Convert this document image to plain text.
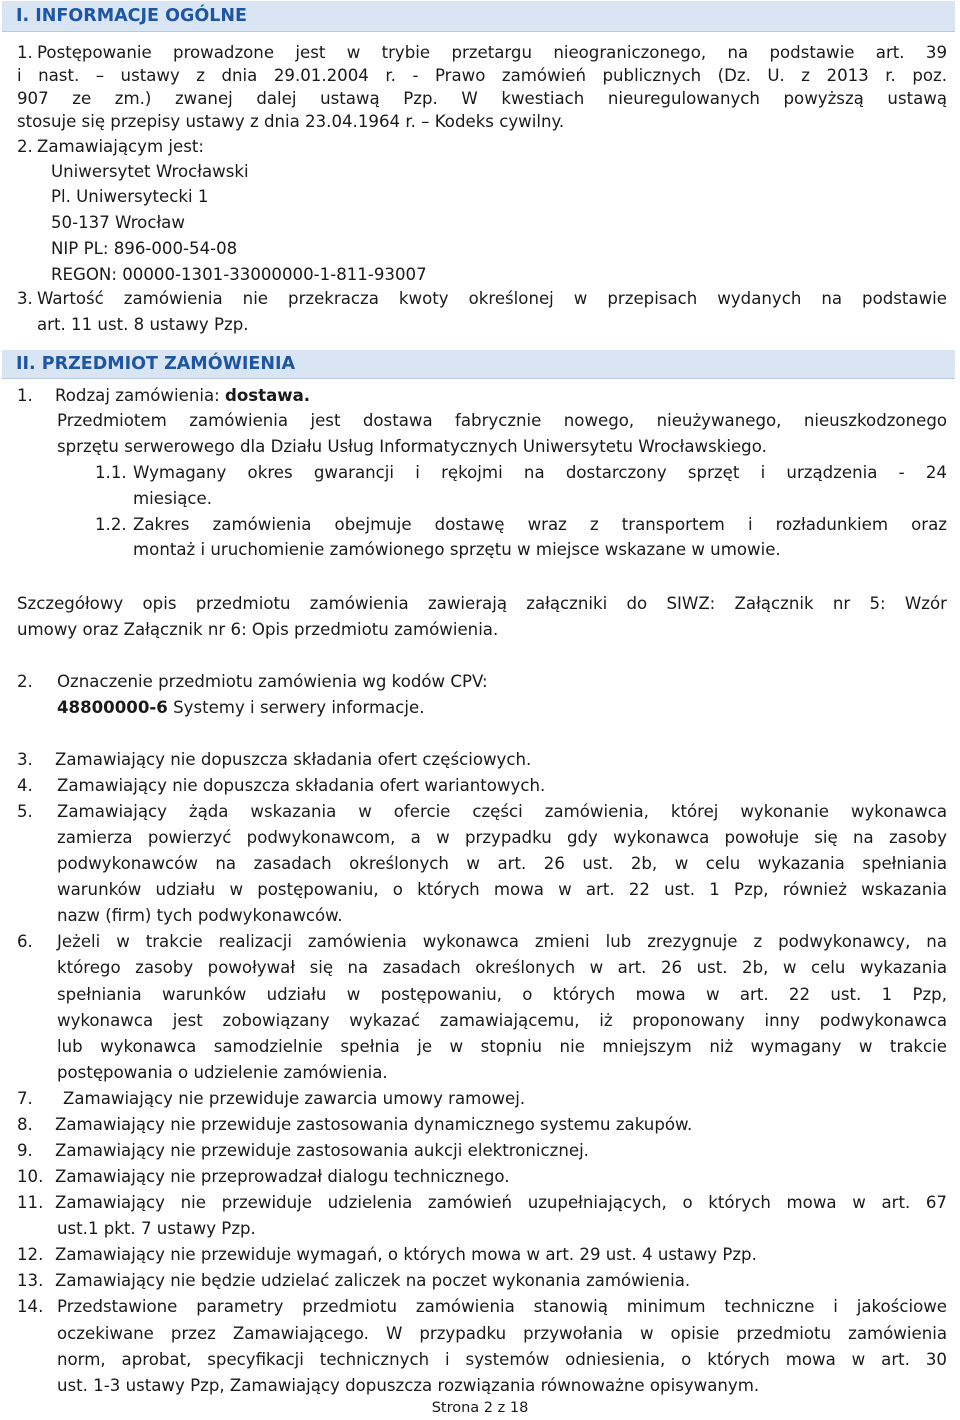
I. INFORMACJE OGÓLNE
1. Postępowanie prowadzone jest w trybie przetargu nieograniczonego, na podstawie art. 39
i nast. – ustawy z dnia 29.01.2004 r. - Prawo zamówień publicznych (Dz. U. z 2013 r. poz.
907 ze zm.) zwanej dalej ustawą Pzp. W kwestiach nieuregulowanych powyższą ustawą
stosuje się przepisy ustawy z dnia 23.04.1964 r. – Kodeks cywilny.
2. Zamawiającym jest:
Uniwersytet Wrocławski
Pl. Uniwersytecki 1
50-137 Wrocław
NIP PL: 896-000-54-08
REGON: 00000-1301-33000000-1-811-93007
3. Wartość zamówienia nie przekracza kwoty określonej w przepisach wydanych na podstawie
art. 11 ust. 8 ustawy Pzp.
II. PRZEDMIOT ZAMÓWIENIA
1. Rodzaj zamówienia: dostawa.
Przedmiotem zamówienia jest dostawa fabrycznie nowego, nieużywanego, nieuszkodzonego
sprzętu serwerowego dla Działu Usług Informatycznych Uniwersytetu Wrocławskiego.
1.1. Wymagany okres gwarancji i rękojmi na dostarczony sprzęt i urządzenia - 24
miesiące.
1.2. Zakres zamówienia obejmuje dostawę wraz z transportem i rozładunkiem oraz
montaż i uruchomienie zamówionego sprzętu w miejsce wskazane w umowie.
Szczegółowy opis przedmiotu zamówienia zawierają załączniki do SIWZ: Załącznik nr 5: Wzór
umowy oraz Załącznik nr 6: Opis przedmiotu zamówienia.
2. Oznaczenie przedmiotu zamówienia wg kodów CPV:
48800000-6 Systemy i serwery informacje.
3. Zamawiający nie dopuszcza składania ofert częściowych.
4. Zamawiający nie dopuszcza składania ofert wariantowych.
5. Zamawiający żąda wskazania w ofercie części zamówienia, której wykonanie wykonawca
zamierza powierzyć podwykonawcom, a w przypadku gdy wykonawca powołuje się na zasoby
podwykonawców na zasadach określonych w art. 26 ust. 2b, w celu wykazania spełniania
warunków udziału w postępowaniu, o których mowa w art. 22 ust. 1 Pzp, również wskazania
nazw (firm) tych podwykonawców.
6. Jeżeli w trakcie realizacji zamówienia wykonawca zmieni lub zrezygnuje z podwykonawcy, na
którego zasoby powoływał się na zasadach określonych w art. 26 ust. 2b, w celu wykazania
spełniania warunków udziału w postępowaniu, o których mowa w art. 22 ust. 1 Pzp,
wykonawca jest zobowiązany wykazać zamawiającemu, iż proponowany inny podwykonawca
lub wykonawca samodzielnie spełnia je w stopniu nie mniejszym niż wymagany w trakcie
postępowania o udzielenie zamówienia.
7. Zamawiający nie przewiduje zawarcia umowy ramowej.
8. Zamawiający nie przewiduje zastosowania dynamicznego systemu zakupów.
9. Zamawiający nie przewiduje zastosowania aukcji elektronicznej.
10. Zamawiający nie przeprowadzał dialogu technicznego.
11. Zamawiający nie przewiduje udzielenia zamówień uzupełniających, o których mowa w art. 67
ust.1 pkt. 7 ustawy Pzp.
12. Zamawiający nie przewiduje wymagań, o których mowa w art. 29 ust. 4 ustawy Pzp.
13. Zamawiający nie będzie udzielać zaliczek na poczet wykonania zamówienia.
14. Przedstawione parametry przedmiotu zamówienia stanowią minimum techniczne i jakościowe
oczekiwane przez Zamawiającego. W przypadku przywołania w opisie przedmiotu zamówienia
norm, aprobat, specyfikacji technicznych i systemów odniesienia, o których mowa w art. 30
ust. 1-3 ustawy Pzp, Zamawiający dopuszcza rozwiązania równoważne opisywanym.
Strona 2 z 18
